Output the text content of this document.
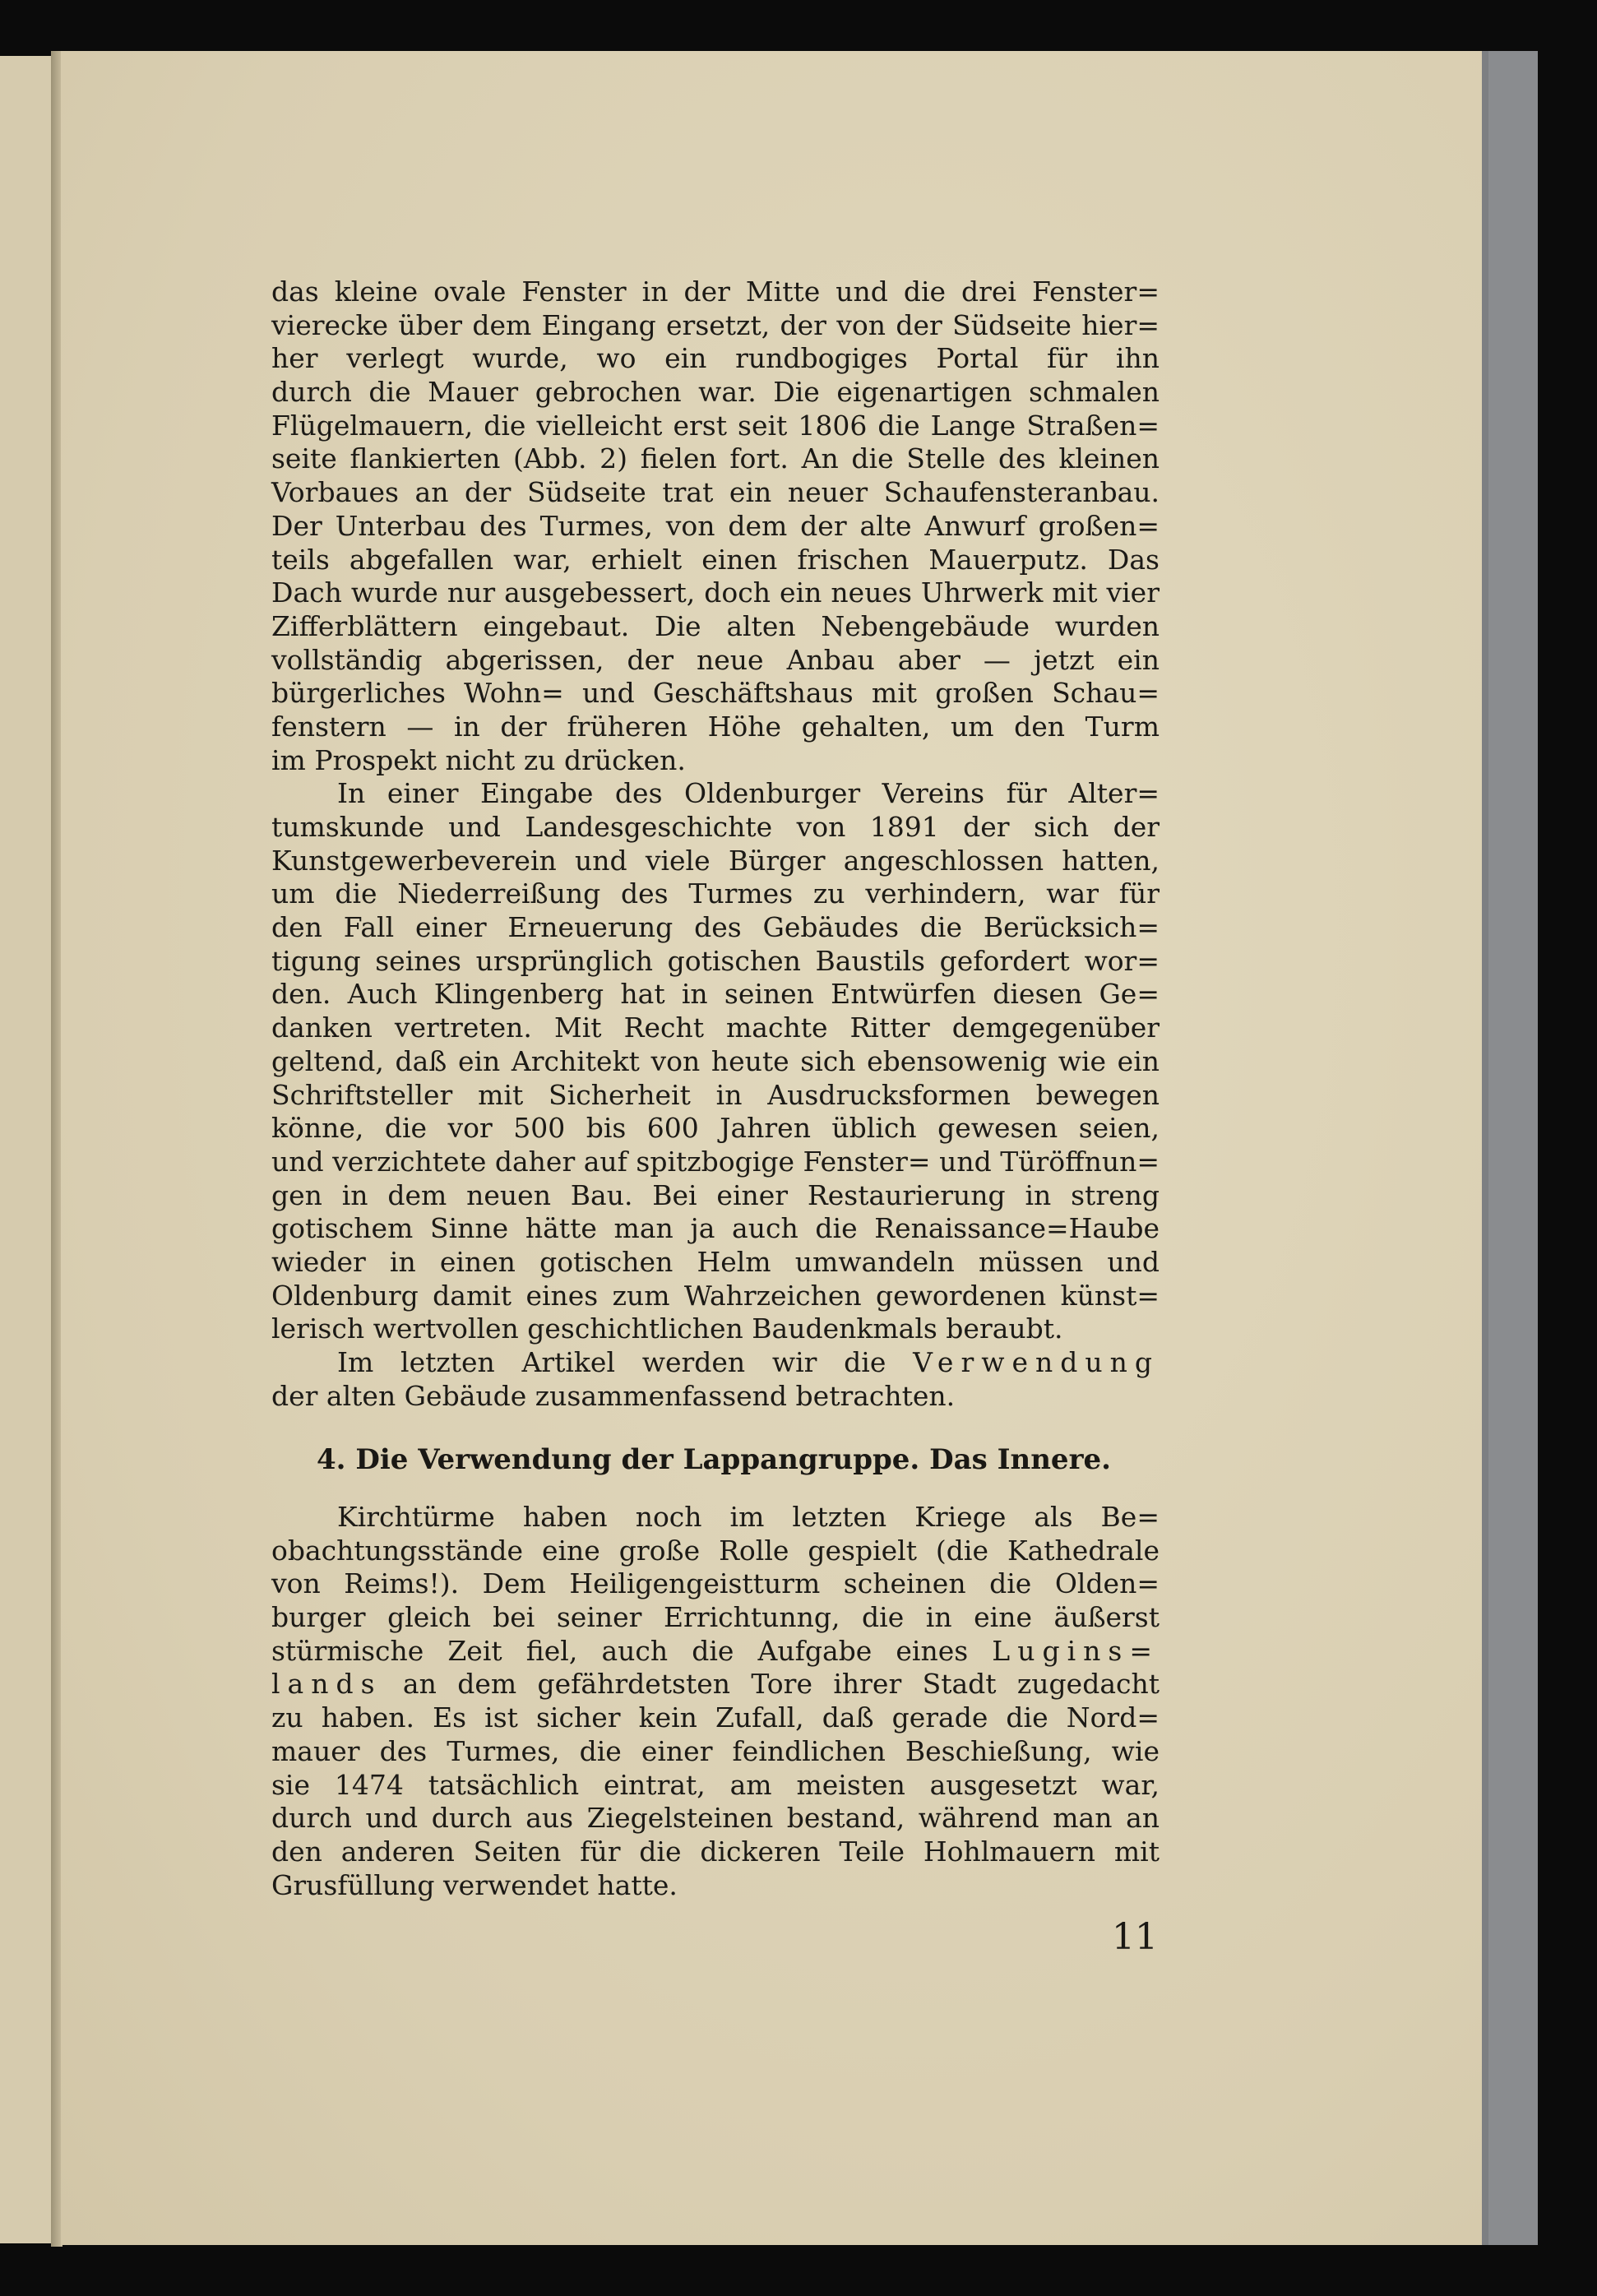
das kleine ovale Fenster in der Mitte und die drei Fenster=
vierecke über dem Eingang ersetzt, der von der Südseite hier=
her verlegt wurde, wo ein rundbogiges Portal für ihn
durch die Mauer gebrochen war. Die eigenartigen schmalen
Flügelmauern, die vielleicht erst seit 1806 die Lange Straßen=
seite flankierten (Abb. 2) fielen fort. An die Stelle des kleinen
Vorbaues an der Südseite trat ein neuer Schaufensteranbau.
Der Unterbau des Turmes, von dem der alte Anwurf großen=
teils abgefallen war, erhielt einen frischen Mauerputz. Das
Dach wurde nur ausgebessert, doch ein neues Uhrwerk mit vier
Zifferblättern eingebaut. Die alten Nebengebäude wurden
vollständig abgerissen, der neue Anbau aber — jetzt ein
bürgerliches Wohn= und Geschäftshaus mit großen Schau=
fenstern — in der früheren Höhe gehalten, um den Turm
im Prospekt nicht zu drücken.
In einer Eingabe des Oldenburger Vereins für Alter=
tumskunde und Landesgeschichte von 1891 der sich der
Kunstgewerbeverein und viele Bürger angeschlossen hatten,
um die Niederreißung des Turmes zu verhindern, war für
den Fall einer Erneuerung des Gebäudes die Berücksich=
tigung seines ursprünglich gotischen Baustils gefordert wor=
den. Auch Klingenberg hat in seinen Entwürfen diesen Ge=
danken vertreten. Mit Recht machte Ritter demgegenüber
geltend, daß ein Architekt von heute sich ebensowenig wie ein
Schriftsteller mit Sicherheit in Ausdrucksformen bewegen
könne, die vor 500 bis 600 Jahren üblich gewesen seien,
und verzichtete daher auf spitzbogige Fenster= und Türöffnun=
gen in dem neuen Bau. Bei einer Restaurierung in streng
gotischem Sinne hätte man ja auch die Renaissance=Haube
wieder in einen gotischen Helm umwandeln müssen und
Oldenburg damit eines zum Wahrzeichen gewordenen künst=
lerisch wertvollen geschichtlichen Baudenkmals beraubt.
Im letzten Artikel werden wir die Verwendung
der alten Gebäude zusammenfassend betrachten.
4. Die Verwendung der Lappangruppe. Das Innere.
Kirchtürme haben noch im letzten Kriege als Be=
obachtungsstände eine große Rolle gespielt (die Kathedrale
von Reims!). Dem Heiligengeistturm scheinen die Olden=
burger gleich bei seiner Errichtunng, die in eine äußerst
stürmische Zeit fiel, auch die Aufgabe eines Lugins=
lands an dem gefährdetsten Tore ihrer Stadt zugedacht
zu haben. Es ist sicher kein Zufall, daß gerade die Nord=
mauer des Turmes, die einer feindlichen Beschießung, wie
sie 1474 tatsächlich eintrat, am meisten ausgesetzt war,
durch und durch aus Ziegelsteinen bestand, während man an
den anderen Seiten für die dickeren Teile Hohlmauern mit
Grusfüllung verwendet hatte.
11
